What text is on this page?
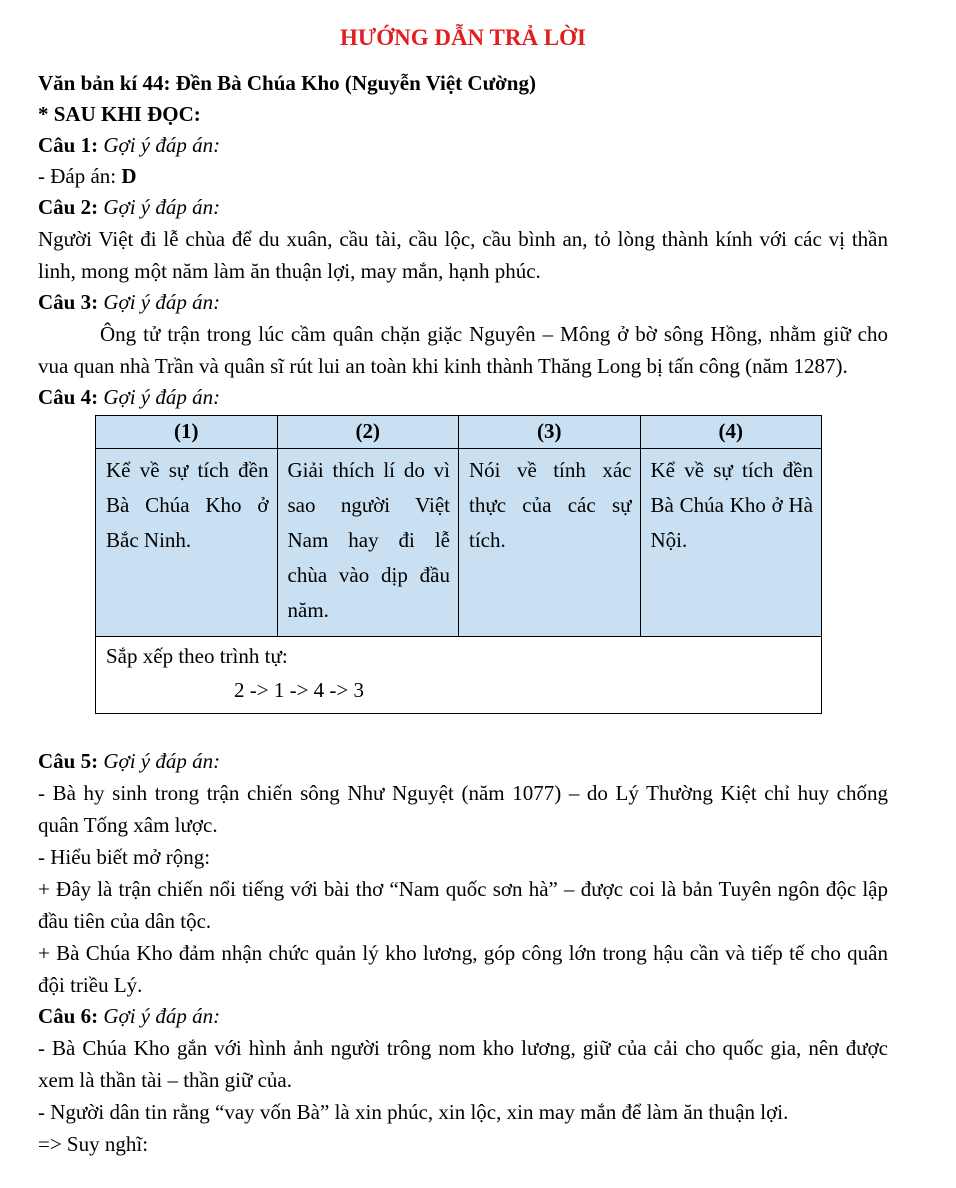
HƯỚNG DẪN TRẢ LỜI
Văn bản kí 44: Đền Bà Chúa Kho (Nguyễn Việt Cường)
* SAU KHI ĐỌC:
Câu 1: Gợi ý đáp án:
- Đáp án: D
Câu 2: Gợi ý đáp án:
Người Việt đi lễ chùa để du xuân, cầu tài, cầu lộc, cầu bình an, tỏ lòng thành kính với các vị thần linh, mong một năm làm ăn thuận lợi, may mắn, hạnh phúc.
Câu 3: Gợi ý đáp án:
Ông tử trận trong lúc cầm quân chặn giặc Nguyên – Mông ở bờ sông Hồng, nhằm giữ cho vua quan nhà Trần và quân sĩ rút lui an toàn khi kinh thành Thăng Long bị tấn công (năm 1287).
Câu 4: Gợi ý đáp án:
(1)	(2)	(3)	(4)
Kể về sự tích đền Bà Chúa Kho ở Bắc Ninh.	Giải thích lí do vì sao người Việt Nam hay đi lễ chùa vào dịp đầu năm.	Nói về tính xác thực của các sự tích.	Kể về sự tích đền Bà Chúa Kho ở Hà Nội.

Sắp xếp theo trình tự:
2 -> 1 -> 4 -> 3			
Câu 5: Gợi ý đáp án:
- Bà hy sinh trong trận chiến sông Như Nguyệt (năm 1077) – do Lý Thường Kiệt chỉ huy chống quân Tống xâm lược.
- Hiểu biết mở rộng:
+ Đây là trận chiến nổi tiếng với bài thơ “Nam quốc sơn hà” – được coi là bản Tuyên ngôn độc lập đầu tiên của dân tộc.
+ Bà Chúa Kho đảm nhận chức quản lý kho lương, góp công lớn trong hậu cần và tiếp tế cho quân đội triều Lý.
Câu 6: Gợi ý đáp án:
- Bà Chúa Kho gắn với hình ảnh người trông nom kho lương, giữ của cải cho quốc gia, nên được xem là thần tài – thần giữ của.
- Người dân tin rằng “vay vốn Bà” là xin phúc, xin lộc, xin may mắn để làm ăn thuận lợi.
=> Suy nghĩ:
